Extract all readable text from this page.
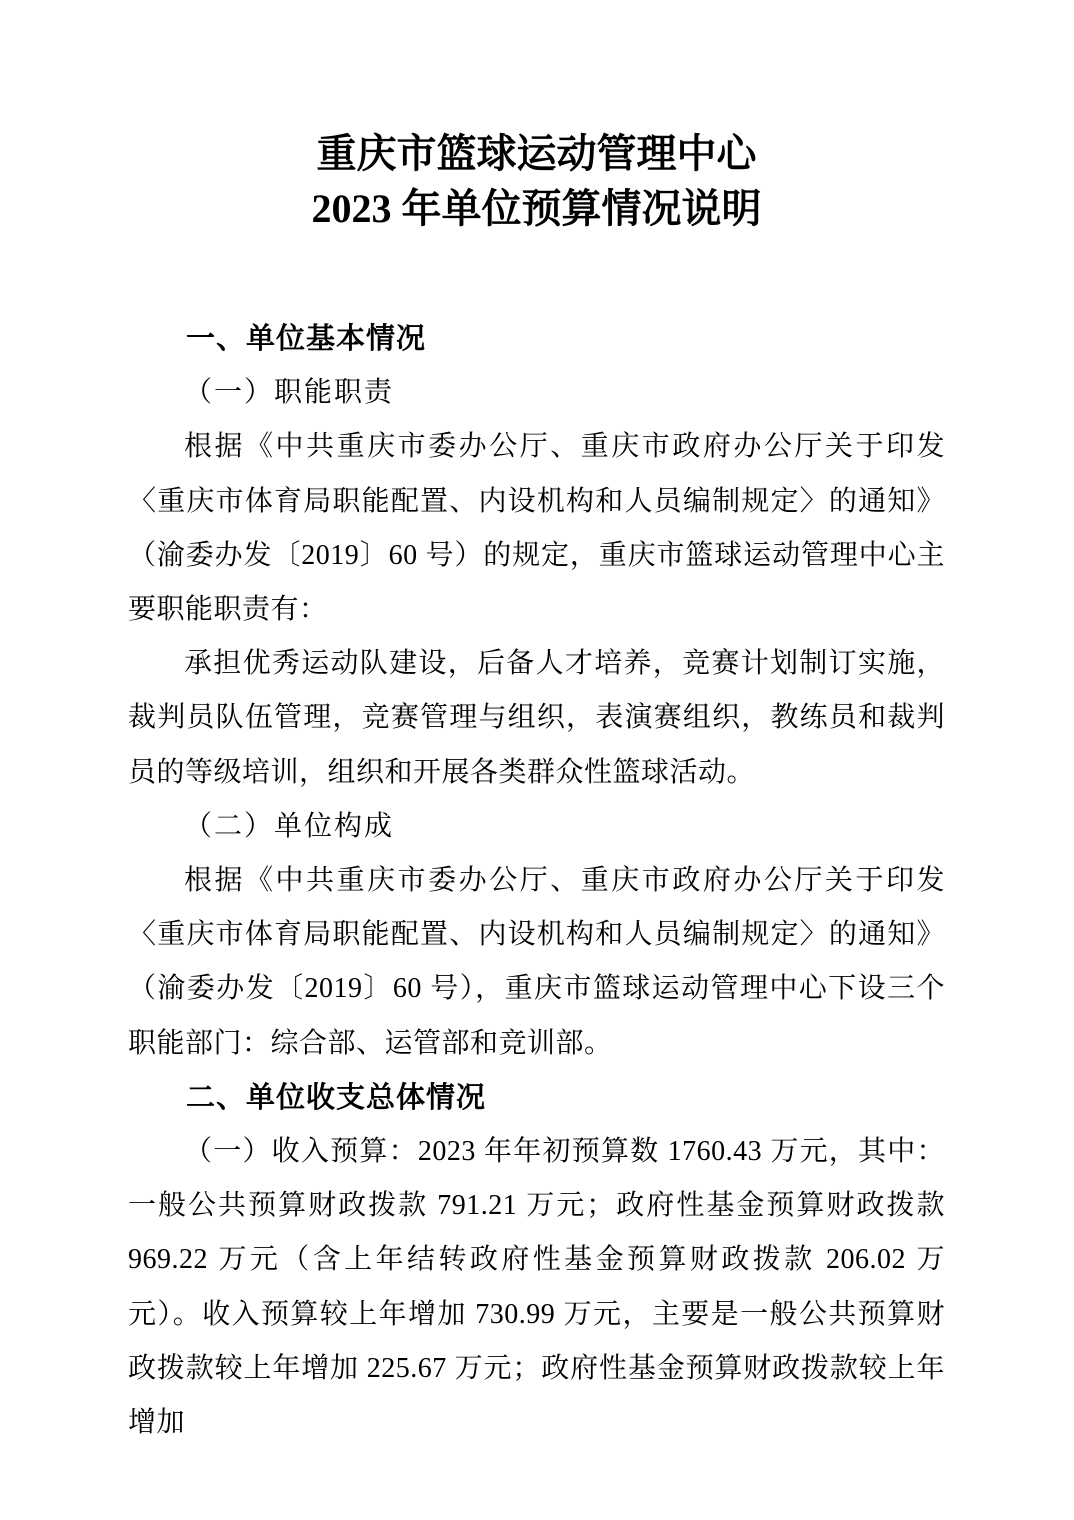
重庆市篮球运动管理中心
2023 年单位预算情况说明

一、单位基本情况

（一）职能职责

根据《中共重庆市委办公厅、重庆市政府办公厅关于印发〈重庆市体育局职能配置、内设机构和人员编制规定〉的通知》（渝委办发〔2019〕60 号）的规定，重庆市篮球运动管理中心主要职能职责有：

承担优秀运动队建设，后备人才培养，竞赛计划制订实施，裁判员队伍管理，竞赛管理与组织，表演赛组织，教练员和裁判员的等级培训，组织和开展各类群众性篮球活动。

（二）单位构成

根据《中共重庆市委办公厅、重庆市政府办公厅关于印发〈重庆市体育局职能配置、内设机构和人员编制规定〉的通知》（渝委办发〔2019〕60 号），重庆市篮球运动管理中心下设三个职能部门：综合部、运管部和竞训部。

二、单位收支总体情况

（一）收入预算：2023 年年初预算数 1760.43 万元，其中：一般公共预算财政拨款 791.21 万元；政府性基金预算财政拨款 969.22 万元（含上年结转政府性基金预算财政拨款 206.02 万元）。收入预算较上年增加 730.99 万元，主要是一般公共预算财政拨款较上年增加 225.67 万元；政府性基金预算财政拨款较上年增加
